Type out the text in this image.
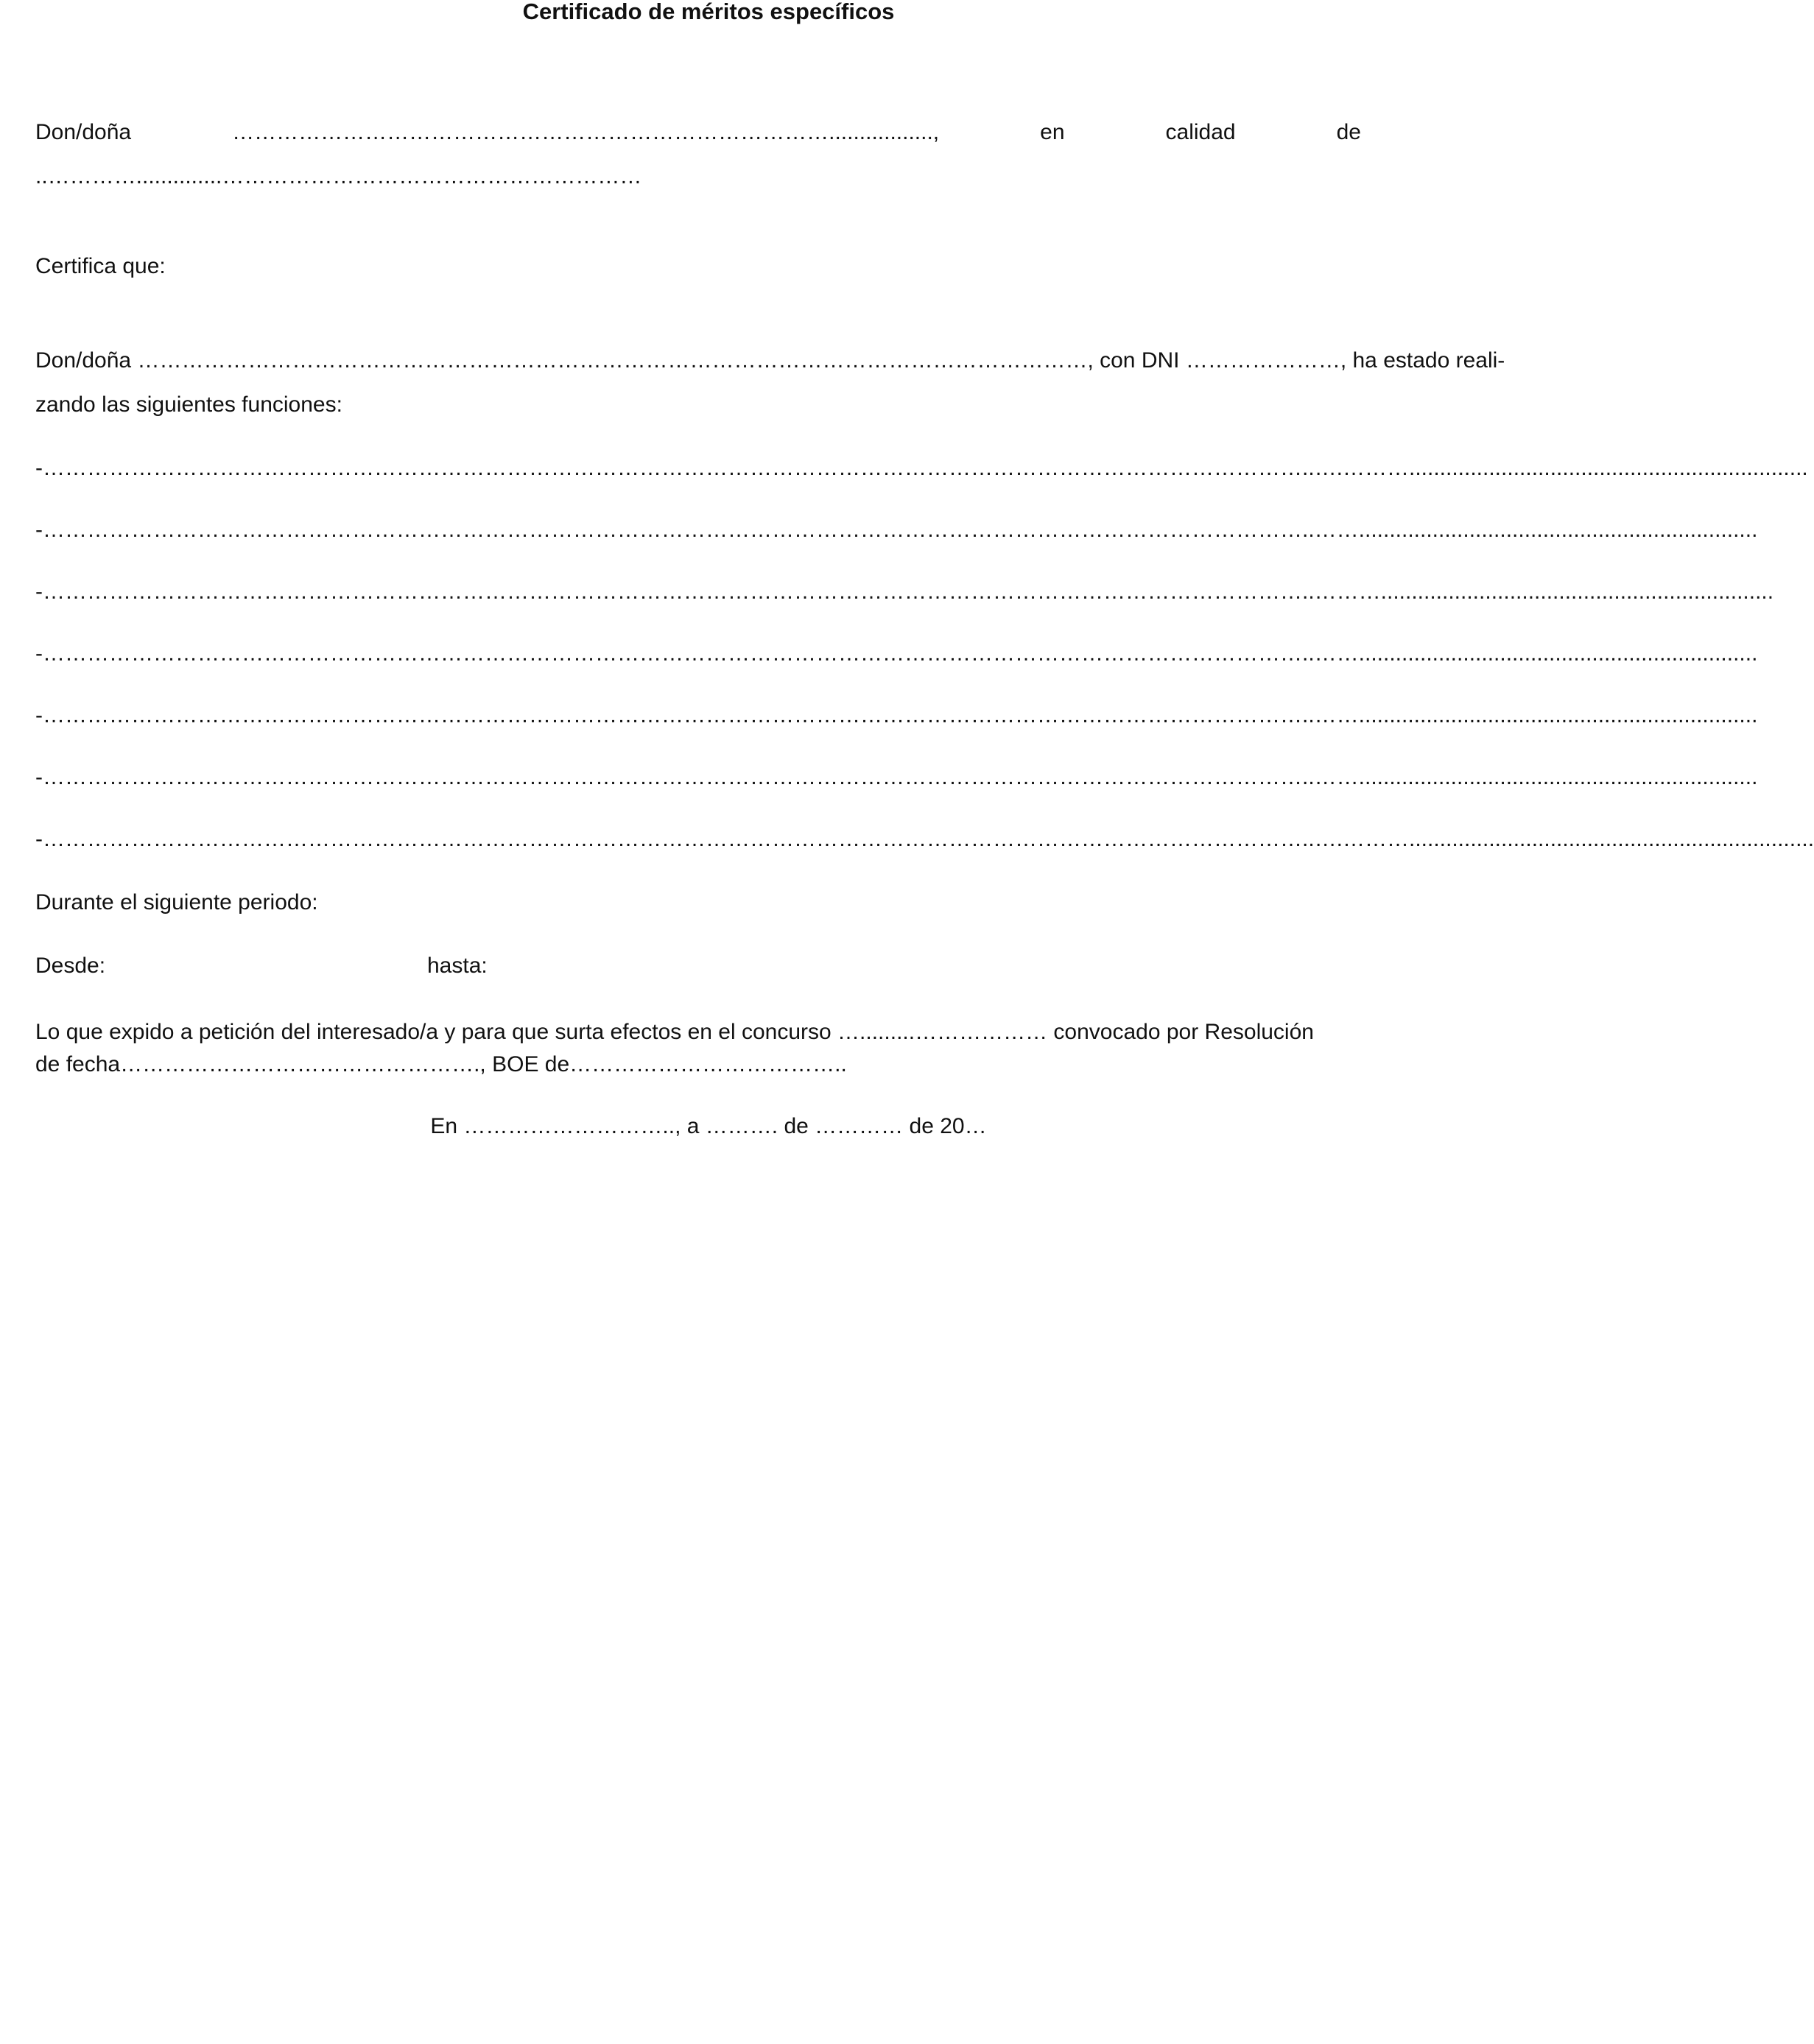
Certificado de méritos específicos
Don/doña	……………………………………………………………………….................,	en	calidad	de
..…………..............…………………………………………………
Certifica que:
Don/doña …………………………………………………………………………………………………………………, con DNI …………………, ha estado reali-
zando las siguientes funciones:
-………………………………………………………………………………………………………………………………………………………..….……….................................................................
-………………………………………………………………………………………………………………………………………………………..…….................................................................
-………………………………………………………………………………………………………………………………………………………..………................................................................
-………………………………………………………………………………………………………………………………………………………..…….................................................................
-………………………………………………………………………………………………………………………………………………………..…….................................................................
-………………………………………………………………………………………………………………………………………………………..…….................................................................
-………………………………………………………………………………………………………………………………………………………..….………..................................................................
Durante el siguiente periodo:
Desde:	hasta:
Lo que expido a petición del interesado/a y para que surta efectos en el concurso ….........……………… convocado por Resolución
de fecha…………………………………………., BOE de………………………………..
En ……………………….., a ………. de ………… de 20…
